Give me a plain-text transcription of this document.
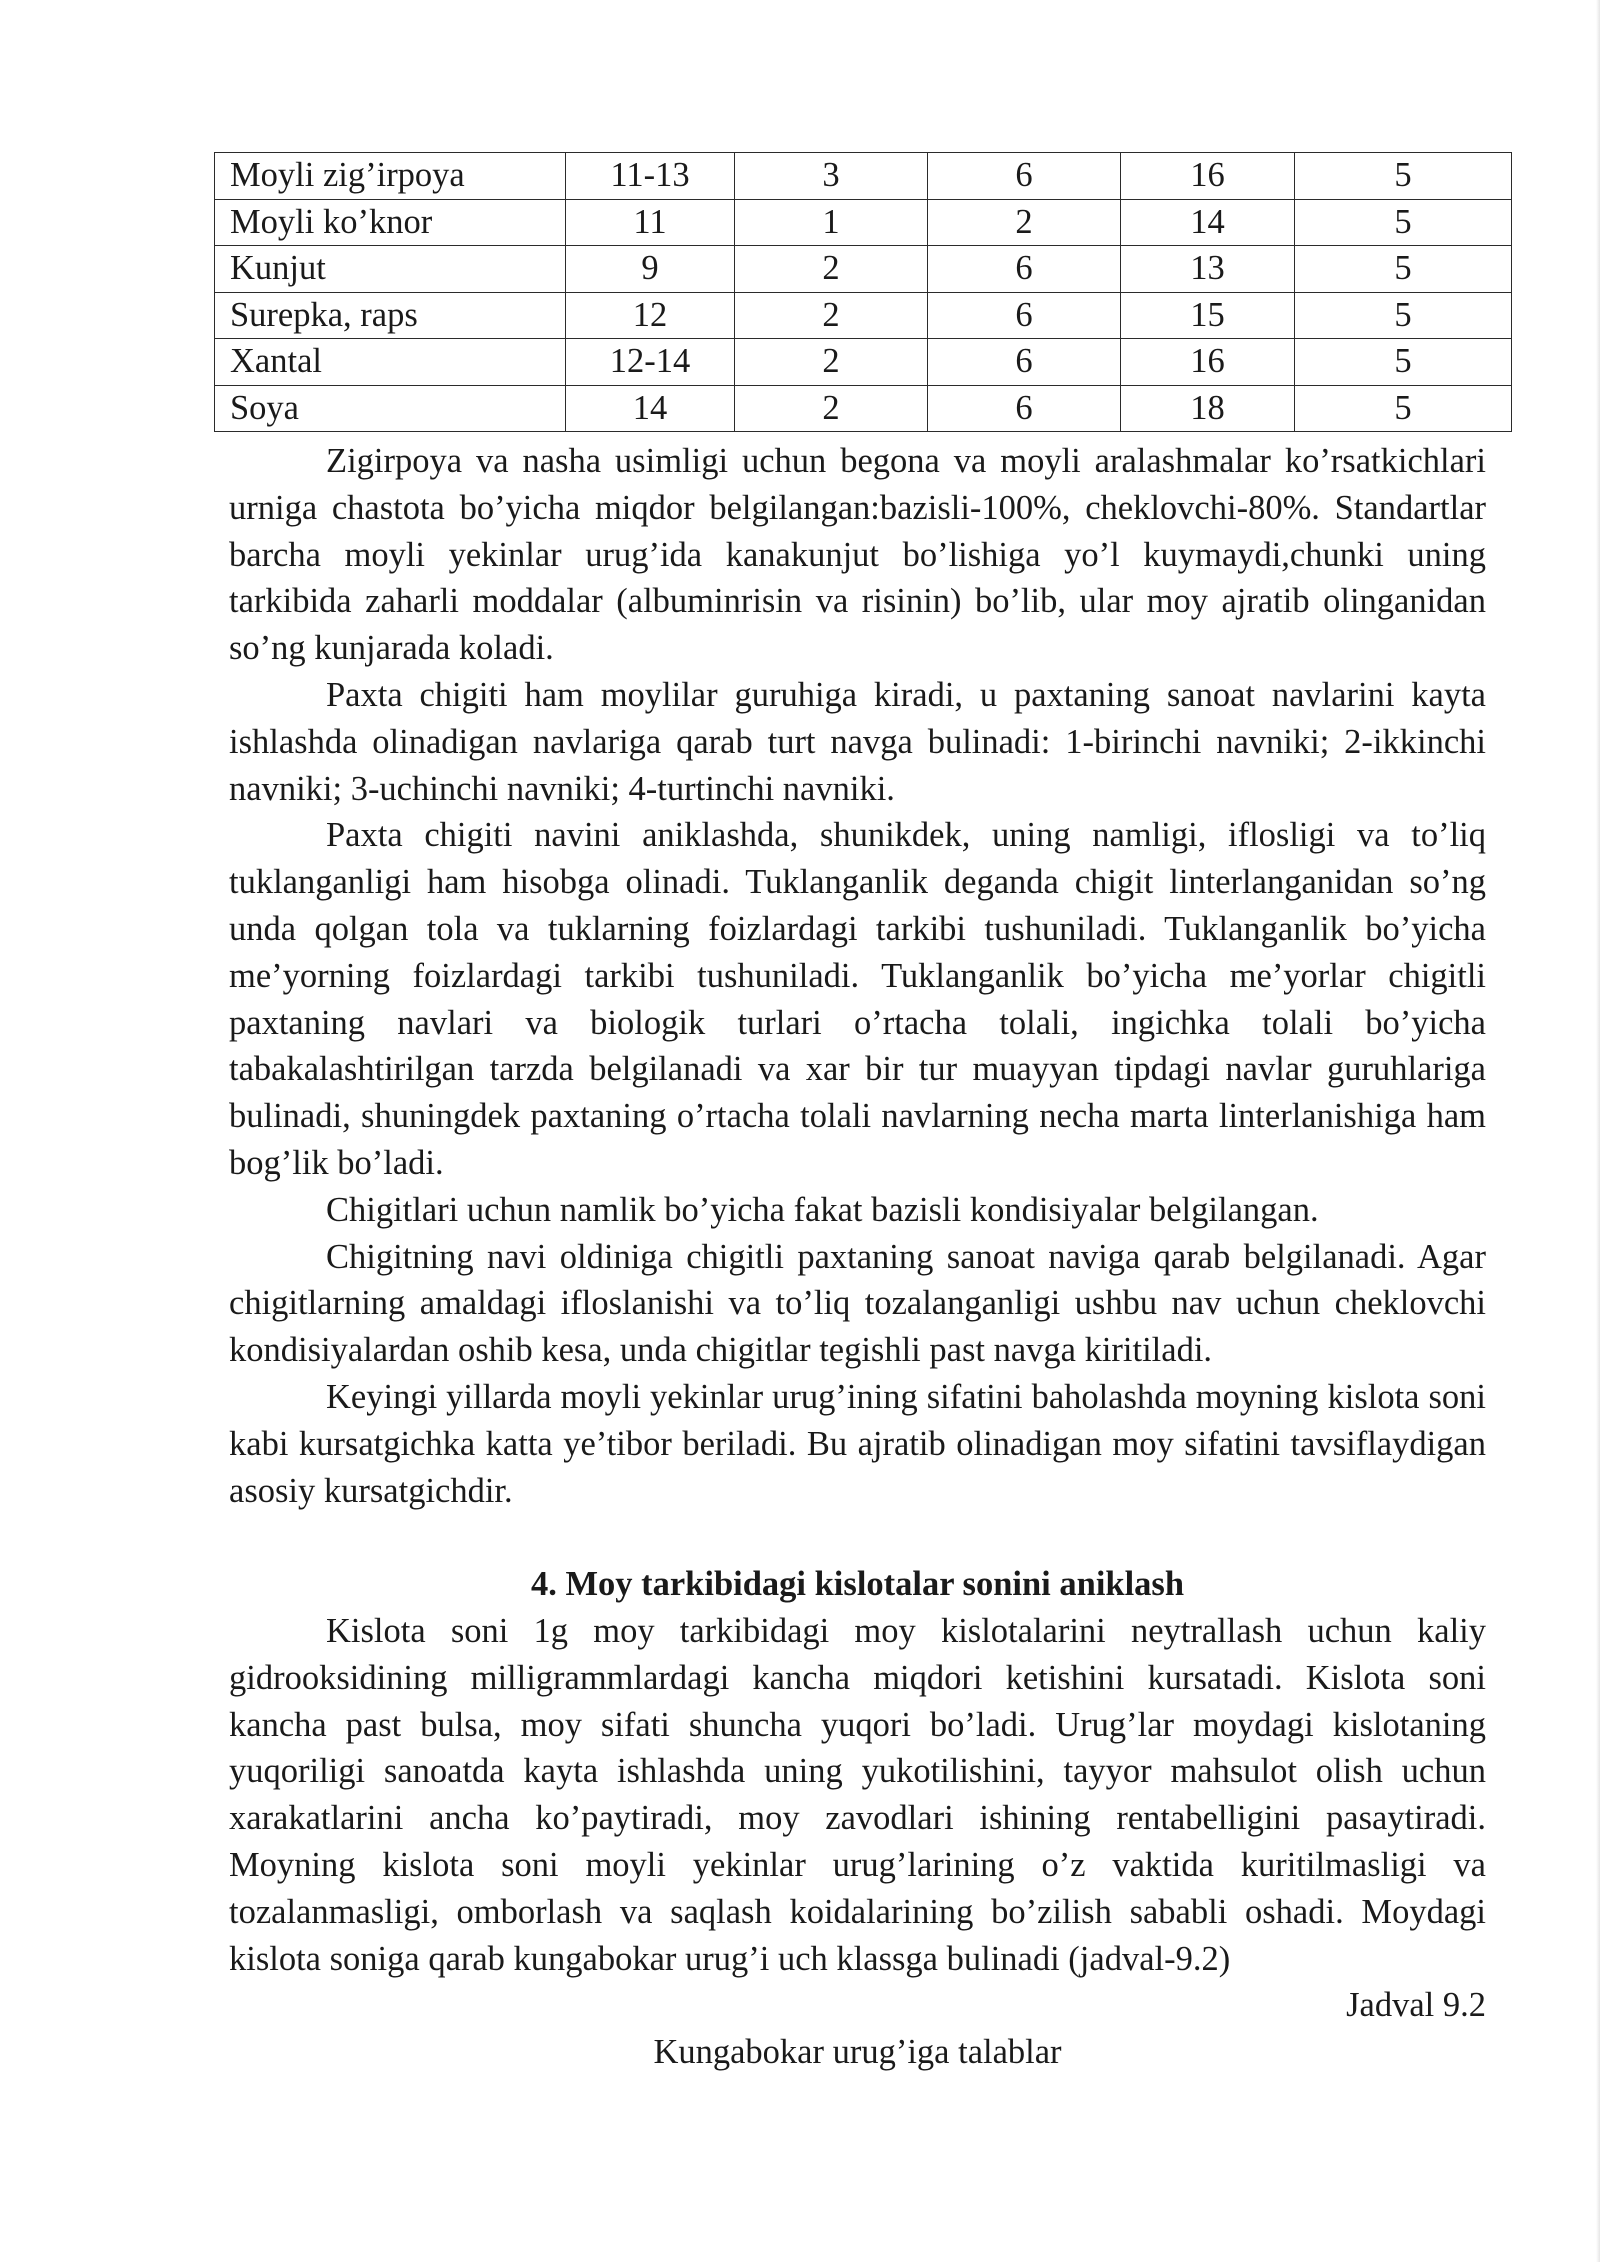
Moyli zig’irpoya	11-13	3	6	16	5
Moyli ko’knor	11	1	2	14	5
Kunjut	9	2	6	13	5
Surepka, raps	12	2	6	15	5
Xantal	12-14	2	6	16	5
Soya	14	2	6	18	5

Zigirpoya va nasha usimligi uchun begona va moyli aralashmalar ko’rsatkichlari urniga chastota bo’yicha miqdor belgilangan:bazisli-100%, cheklovchi-80%. Standartlar barcha moyli yekinlar urug’ida kanakunjut bo’lishiga yo’l kuymaydi,chunki uning tarkibida zaharli moddalar (albuminrisin va risinin) bo’lib, ular moy ajratib olinganidan so’ng kunjarada koladi.

Paxta chigiti ham moylilar guruhiga kiradi, u paxtaning sanoat navlarini kayta ishlashda olinadigan navlariga qarab turt navga bulinadi: 1-birinchi navniki; 2-ikkinchi navniki; 3-uchinchi navniki; 4-turtinchi navniki.

Paxta chigiti navini aniklashda, shunikdek, uning namligi, iflosligi va to’liq tuklanganligi ham hisobga olinadi. Tuklanganlik deganda chigit linterlanganidan so’ng unda qolgan tola va tuklarning foizlardagi tarkibi tushuniladi. Tuklanganlik bo’yicha me’yorning foizlardagi tarkibi tushuniladi. Tuklanganlik bo’yicha me’yorlar chigitli paxtaning navlari va biologik turlari o’rtacha tolali, ingichka tolali bo’yicha tabakalashtirilgan tarzda belgilanadi va xar bir tur muayyan tipdagi navlar guruhlariga bulinadi, shuningdek paxtaning o’rtacha tolali navlarning necha marta linterlanishiga ham bog’lik bo’ladi.

Chigitlari uchun namlik bo’yicha fakat bazisli kondisiyalar belgilangan.

Chigitning navi oldiniga chigitli paxtaning sanoat naviga qarab belgilanadi. Agar chigitlarning amaldagi ifloslanishi va to’liq tozalanganligi ushbu nav uchun cheklovchi kondisiyalardan oshib kesa, unda chigitlar tegishli past navga kiritiladi.

Keyingi yillarda moyli yekinlar urug’ining sifatini baholashda moyning kislota soni kabi kursatgichka katta ye’tibor beriladi. Bu ajratib olinadigan moy sifatini tavsiflaydigan asosiy kursatgichdir.

4. Moy tarkibidagi kislotalar sonini aniklash

Kislota soni 1g moy tarkibidagi moy kislotalarini neytrallash uchun kaliy gidrooksidining milligrammlardagi kancha miqdori ketishini kursatadi. Kislota soni kancha past bulsa, moy sifati shuncha yuqori bo’ladi. Urug’lar moydagi kislotaning yuqoriligi sanoatda kayta ishlashda uning yukotilishini, tayyor mahsulot olish uchun xarakatlarini ancha ko’paytiradi, moy zavodlari ishining rentabelligini pasaytiradi. Moyning kislota soni moyli yekinlar urug’larining o’z vaktida kuritilmasligi va tozalanmasligi, omborlash va saqlash koidalarining bo’zilish sababli oshadi. Moydagi kislota soniga qarab kungabokar urug’i uch klassga bulinadi (jadval-9.2)

Jadval 9.2

Kungabokar urug’iga talablar
